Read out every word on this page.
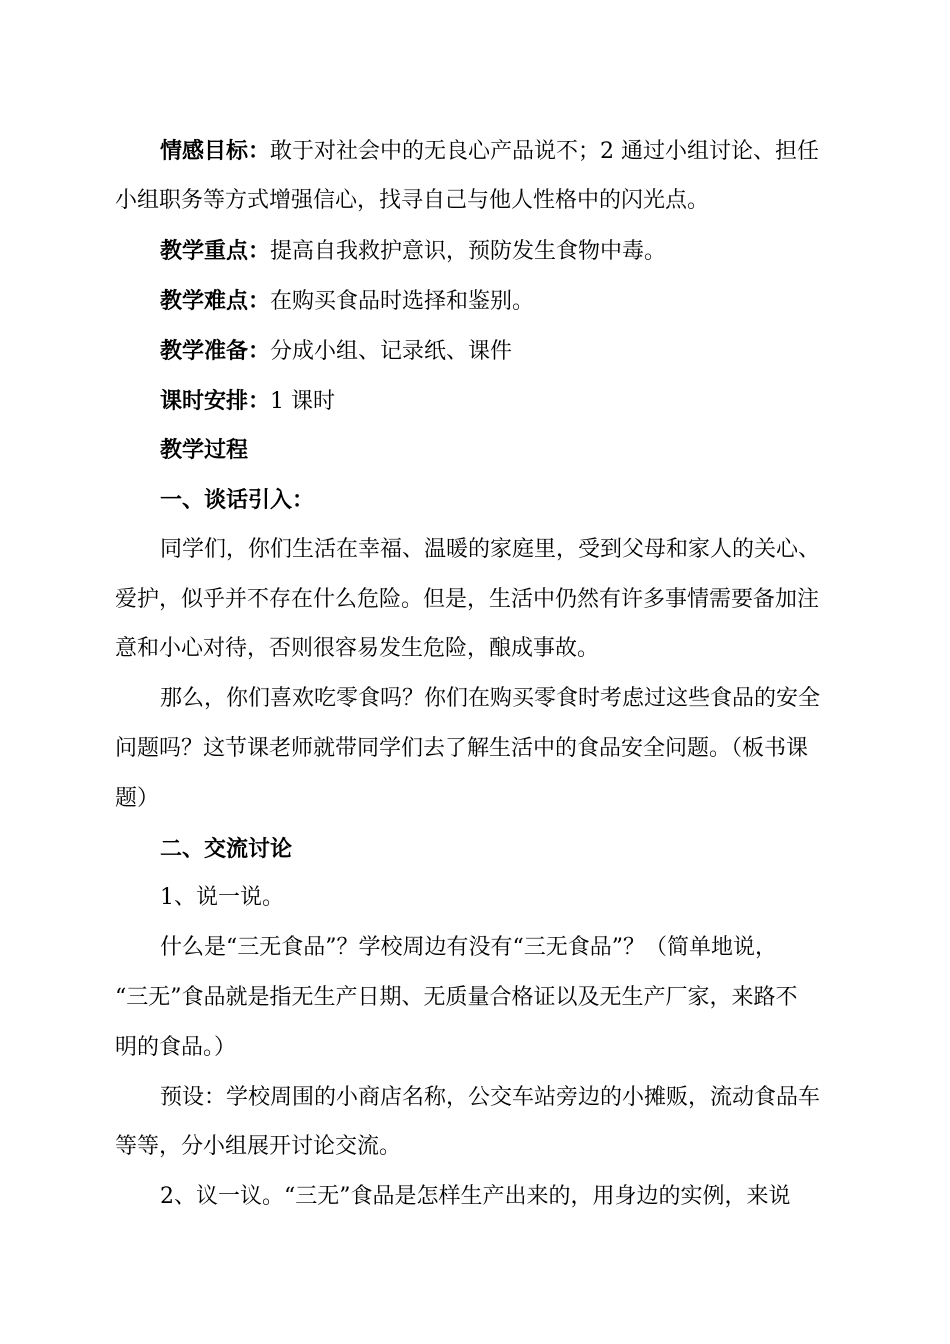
情感目标：敢于对社会中的无良心产品说不；2 通过小组讨论、担任
小组职务等方式增强信心，找寻自己与他人性格中的闪光点。
教学重点：提高自我救护意识，预防发生食物中毒。
教学难点：在购买食品时选择和鉴别。
教学准备：分成小组、记录纸、课件
课时安排：1 课时
教学过程
一、谈话引入：
同学们，你们生活在幸福、温暖的家庭里，受到父母和家人的关心、
爱护，似乎并不存在什么危险。但是，生活中仍然有许多事情需要备加注
意和小心对待，否则很容易发生危险，酿成事故。
那么，你们喜欢吃零食吗？你们在购买零食时考虑过这些食品的安全
问题吗？这节课老师就带同学们去了解生活中的食品安全问题。（板书课
题）
二、交流讨论
1、说一说。
什么是“三无食品”？学校周边有没有“三无食品”？（简单地说，
“三无”食品就是指无生产日期、无质量合格证以及无生产厂家，来路不
明的食品。）
预设：学校周围的小商店名称，公交车站旁边的小摊贩，流动食品车
等等，分小组展开讨论交流。
2、议一议。“三无”食品是怎样生产出来的，用身边的实例，来说
